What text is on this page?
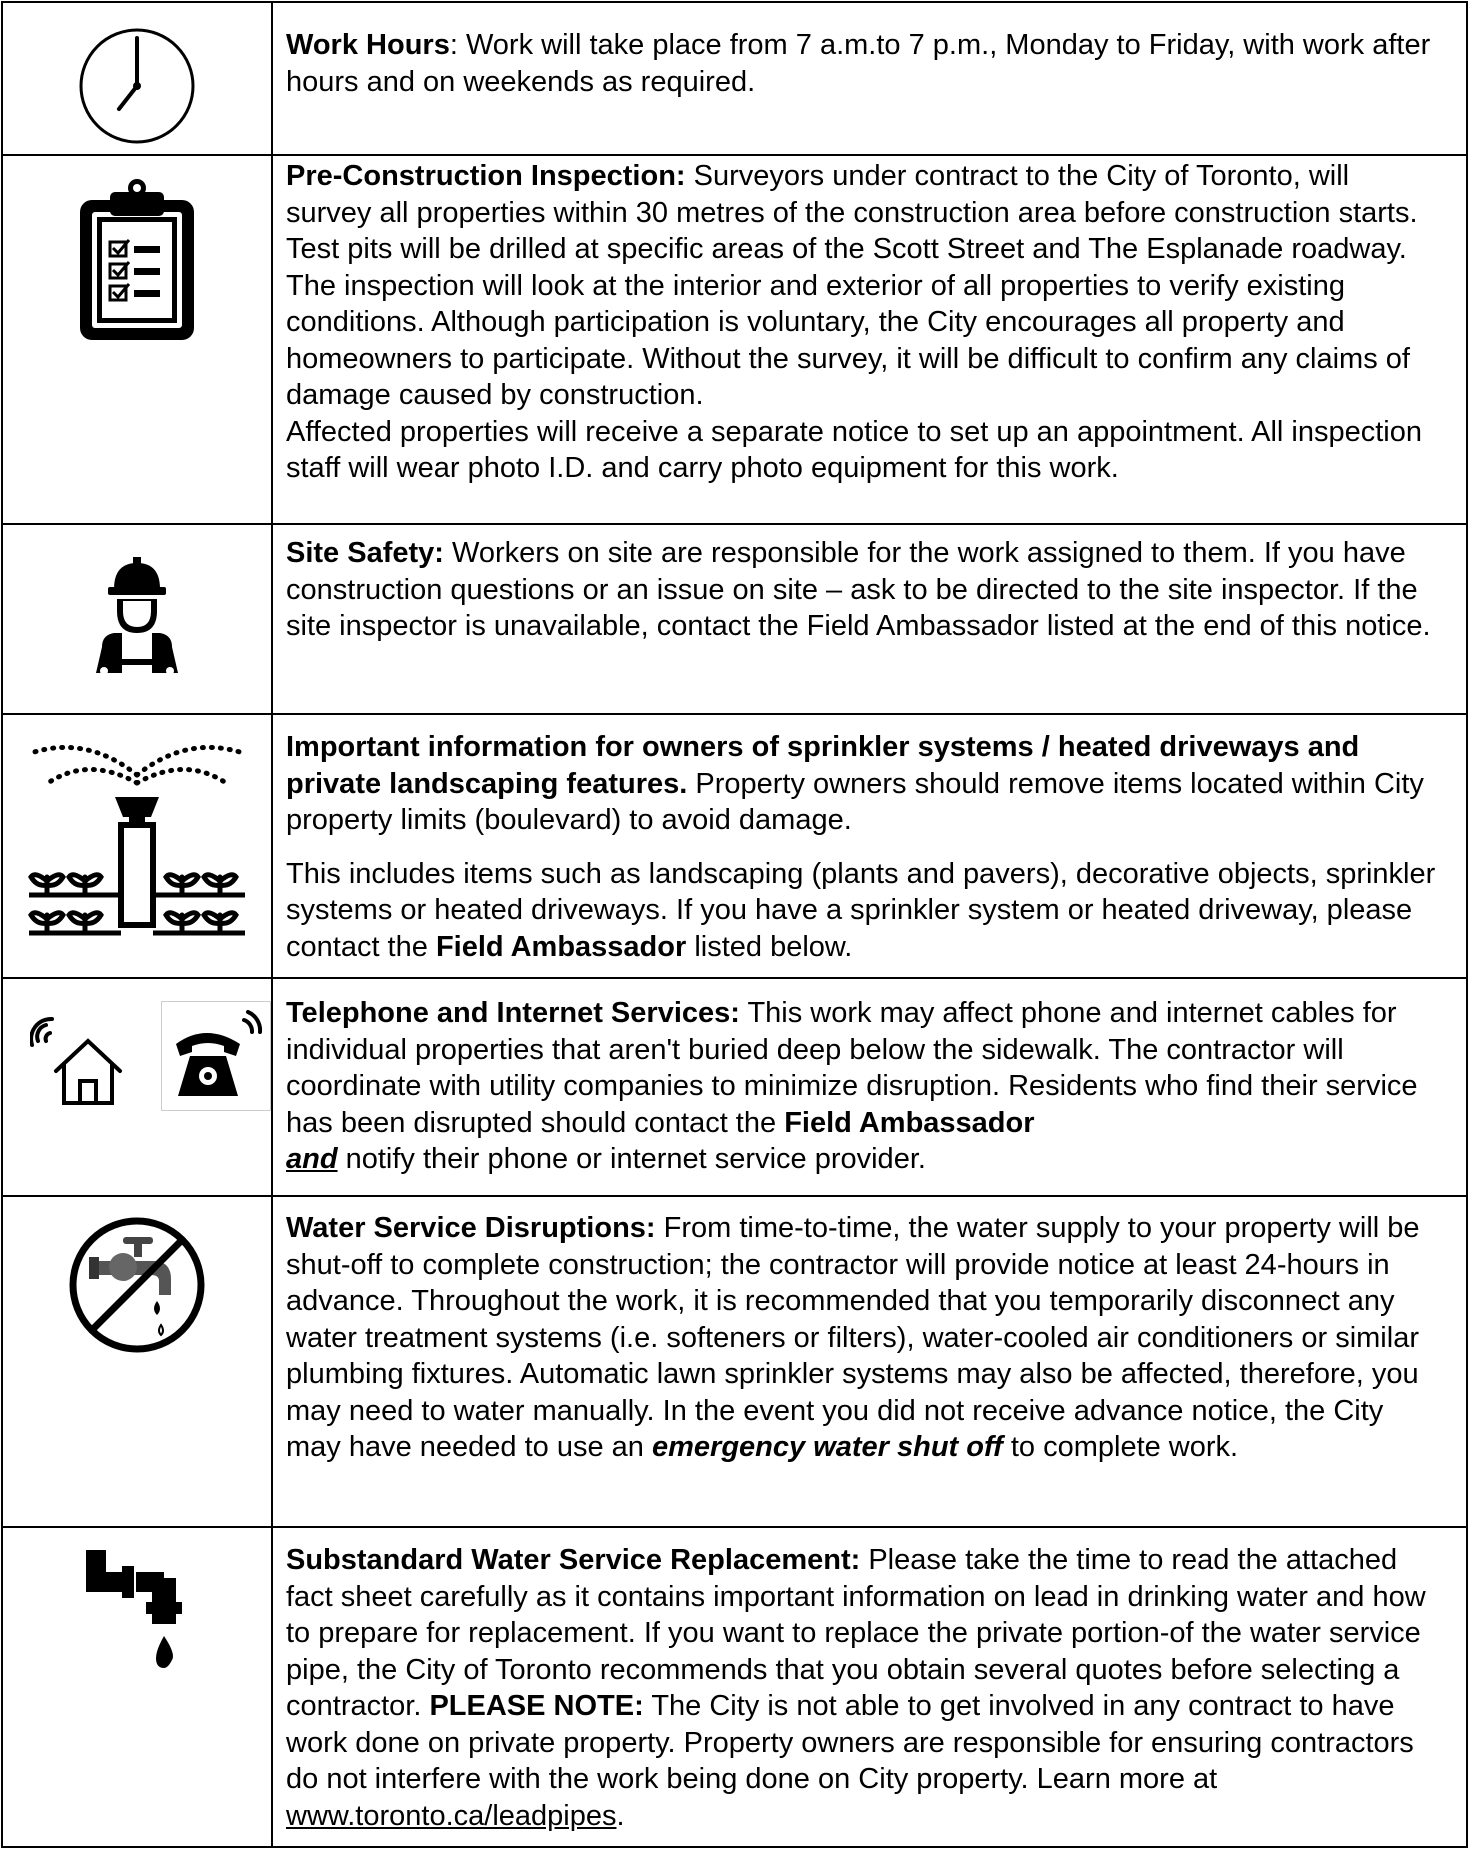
Work Hours: Work will take place from 7 a.m.to 7 p.m., Monday to Friday, with work after hours and on weekends as required.

Pre-Construction Inspection: Surveyors under contract to the City of Toronto, will survey all properties within 30 metres of the construction area before construction starts. Test pits will be drilled at specific areas of the Scott Street and The Esplanade roadway.

The inspection will look at the interior and exterior of all properties to verify existing conditions. Although participation is voluntary, the City encourages all property and homeowners to participate. Without the survey, it will be difficult to confirm any claims of damage caused by construction.

Affected properties will receive a separate notice to set up an appointment. All inspection staff will wear photo I.D. and carry photo equipment for this work.

Site Safety: Workers on site are responsible for the work assigned to them. If you have construction questions or an issue on site – ask to be directed to the site inspector. If the site inspector is unavailable, contact the Field Ambassador listed at the end of this notice.

Important information for owners of sprinkler systems / heated driveways and private landscaping features. Property owners should remove items located within City property limits (boulevard) to avoid damage.

This includes items such as landscaping (plants and pavers), decorative objects, sprinkler systems or heated driveways. If you have a sprinkler system or heated driveway, please contact the Field Ambassador listed below.

Telephone and Internet Services: This work may affect phone and internet cables for individual properties that aren't buried deep below the sidewalk. The contractor will coordinate with utility companies to minimize disruption. Residents who find their service has been disrupted should contact the Field Ambassador
and notify their phone or internet service provider.

Water Service Disruptions: From time-to-time, the water supply to your property will be shut-off to complete construction; the contractor will provide notice at least 24-hours in advance. Throughout the work, it is recommended that you temporarily disconnect any water treatment systems (i.e. softeners or filters), water-cooled air conditioners or similar plumbing fixtures. Automatic lawn sprinkler systems may also be affected, therefore, you may need to water manually. In the event you did not receive advance notice, the City may have needed to use an emergency water shut off to complete work.

Substandard Water Service Replacement: Please take the time to read the attached fact sheet carefully as it contains important information on lead in drinking water and how to prepare for replacement. If you want to replace the private portion-of the water service pipe, the City of Toronto recommends that you obtain several quotes before selecting a contractor. PLEASE NOTE: The City is not able to get involved in any contract to have work done on private property. Property owners are responsible for ensuring contractors do not interfere with the work being done on City property. Learn more at www.toronto.ca/leadpipes.
